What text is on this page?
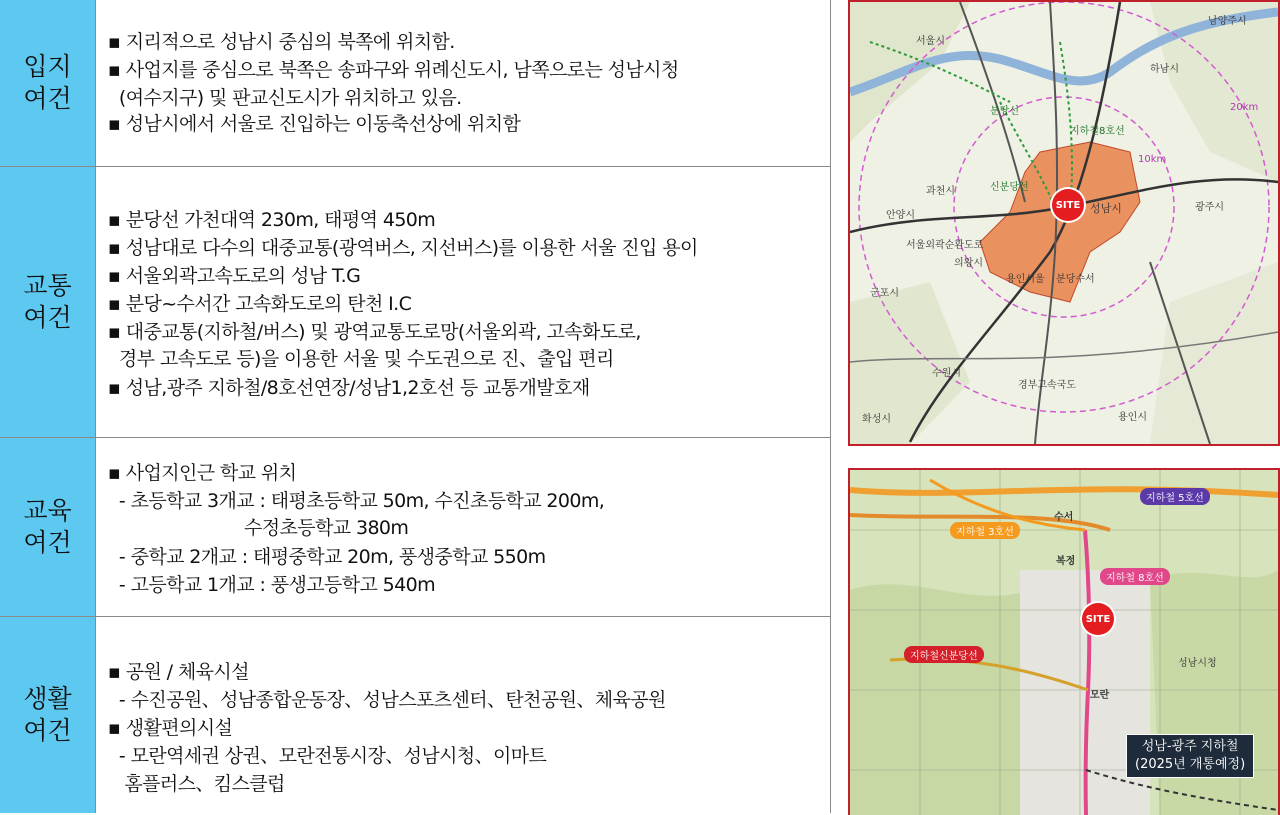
입지
여건
교통
여건
교육
여건
생활
여건
▪ 지리적으로 성남시 중심의 북쪽에 위치함.
▪ 사업지를 중심으로 북쪽은 송파구와 위례신도시, 남쪽으로는 성남시청
(여수지구) 및 판교신도시가 위치하고 있음.
▪ 성남시에서 서울로 진입하는 이동축선상에 위치함
▪ 분당선 가천대역 230m, 태평역 450m
▪ 성남대로 다수의 대중교통(광역버스, 지선버스)를 이용한 서울 진입 용이
▪ 서울외곽고속도로의 성남 T.G
▪ 분당~수서간 고속화도로의 탄천 I.C
▪ 대중교통(지하철/버스) 및 광역교통도로망(서울외곽, 고속화도로,
경부 고속도로 등)을 이용한 서울 및 수도권으로 진、출입 편리
▪ 성남,광주 지하철/8호선연장/성남1,2호선 등 교통개발호재
▪ 사업지인근 학교 위치
- 초등학교 3개교 : 태평초등학교 50m, 수진초등학교 200m,
수정초등학교 380m
- 중학교 2개교 : 태평중학교 20m, 풍생중학교 550m
- 고등학교 1개교 : 풍생고등학고 540m
▪ 공원 / 체육시설
- 수진공원、성남종합운동장、성남스포츠센터、탄천공원、체육공원
▪ 생활편의시설
- 모란역세권 상권、모란전통시장、성남시청、이마트
홈플러스、킴스클럽
SITE
20km
10km
남양주시
하남시
성남시	광주시
과천시
안양시
군포시
의왕시
수원시
화성시	용인시
서울시
분당선
지하철8호선
신분당선
서울외곽순환도로
용인서울 분당수서
경부고속국도
지하철 5호선
지하철 3호선
지하철 8호선
지하철신분당선
수서
복정
모란
성남시청
SITE
성남-광주 지하철
(2025년 개통예정)
